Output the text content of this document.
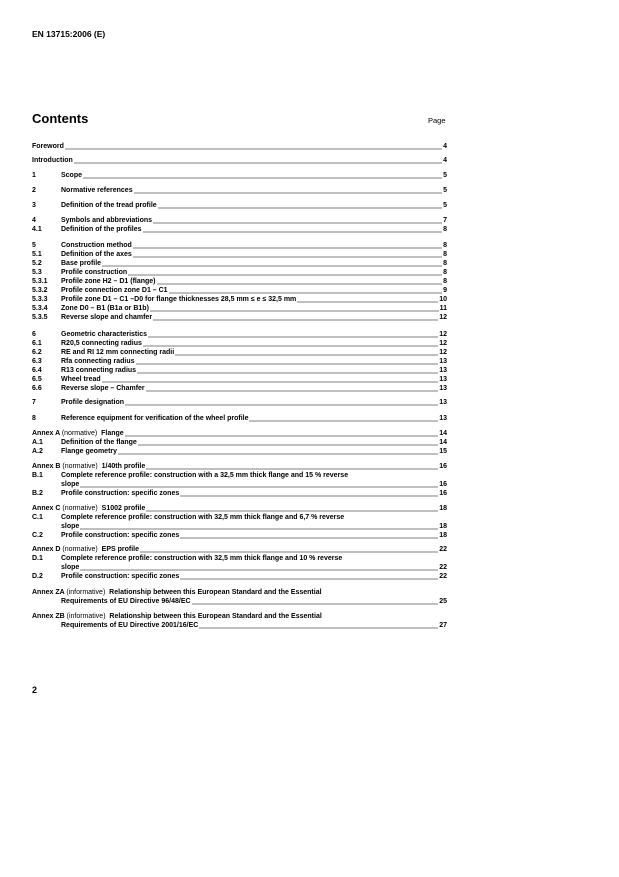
EN 13715:2006 (E)
Contents	Page
Foreword	4
Introduction	4
1	Scope	5
2	Normative references	5
3	Definition of the tread profile	5
4	Symbols and abbreviations	7
4.1	Definition of the profiles	8
5	Construction method	8
5.1	Definition of the axes	8
5.2	Base profile	8
5.3	Profile construction	8
5.3.1	Profile zone H2 – D1 (flange)	8
5.3.2	Profile connection zone D1 – C1	9
5.3.3	Profile zone D1 – C1 –D0 for flange thicknesses 28,5 mm ≤ e ≤ 32,5 mm	10
5.3.4	Zone D0 – B1 (B1a or B1b)	11
5.3.5	Reverse slope and chamfer	12
6	Geometric characteristics	12
6.1	R20,5 connecting radius	12
6.2	RE and RI 12 mm connecting radii	12
6.3	Rfa connecting radius	13
6.4	R13 connecting radius	13
6.5	Wheel tread	13
6.6	Reverse slope – Chamfer	13
7	Profile designation	13
8	Reference equipment for verification of the wheel profile	13
Annex A (normative) Flange	14
A.1	Definition of the flange	14
A.2	Flange geometry	15
Annex B (normative) 1/40th profile	16
B.1	Complete reference profile: construction with a 32,5 mm thick flange and 15 % reverse
slope	16
B.2	Profile construction: specific zones	16
Annex C (normative) S1002 profile	18
C.1	Complete reference profile: construction with 32,5 mm thick flange and 6,7 % reverse
slope	18
C.2	Profile construction: specific zones	18
Annex D (normative) EPS profile	22
D.1	Complete reference profile: construction with 32,5 mm thick flange and 10 % reverse
slope	22
D.2	Profile construction: specific zones	22
Annex ZA (informative) Relationship between this European Standard and the Essential
Requirements of EU Directive 96/48/EC	25
Annex ZB (informative) Relationship between this European Standard and the Essential
Requirements of EU Directive 2001/16/EC	27
2
